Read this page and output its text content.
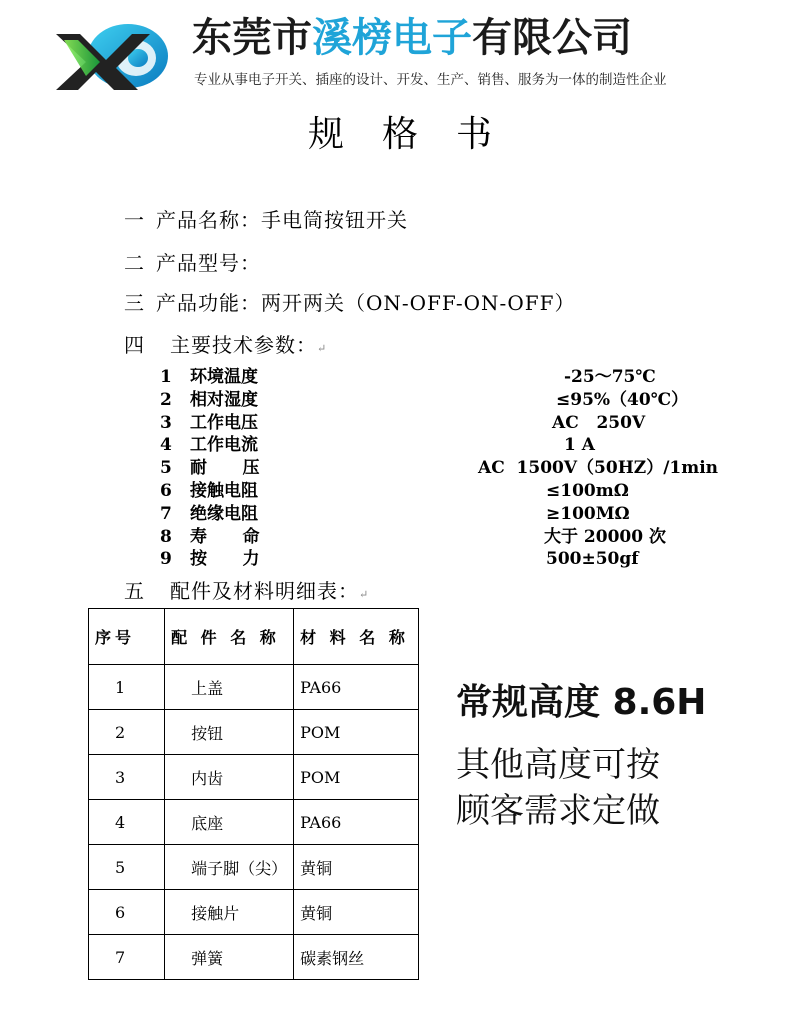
东莞市溪榜电子有限公司
专业从事电子开关、插座的设计、开发、生产、销售、服务为一体的制造性企业
规格书
一 产品名称：手电筒按钮开关
二 产品型号：
三 产品功能：两开两关（ON-OFF-ON-OFF）
四 主要技术参数：↵
1	环境温度	-25～75℃
2	相对湿度	≤95%（40℃）
3	工作电压	AC   250V
4	工作电流	1 A
5	耐      压	AC  1500V（50HZ）/1min
6	接触电阻	≤100mΩ
7	绝缘电阻	≥100MΩ
8	寿      命	大于 20000 次
9	按      力	500±50gf
五 配件及材料明细表：↵
序号	配 件 名 称	材 料 名 称
1	上盖	PA66
2	按钮	POM
3	内齿	POM
4	底座	PA66
5	端子脚（尖）	黄铜
6	接触片	黄铜
7	弹簧	碳素钢丝
常规高度 8.6H
其他高度可按
顾客需求定做
